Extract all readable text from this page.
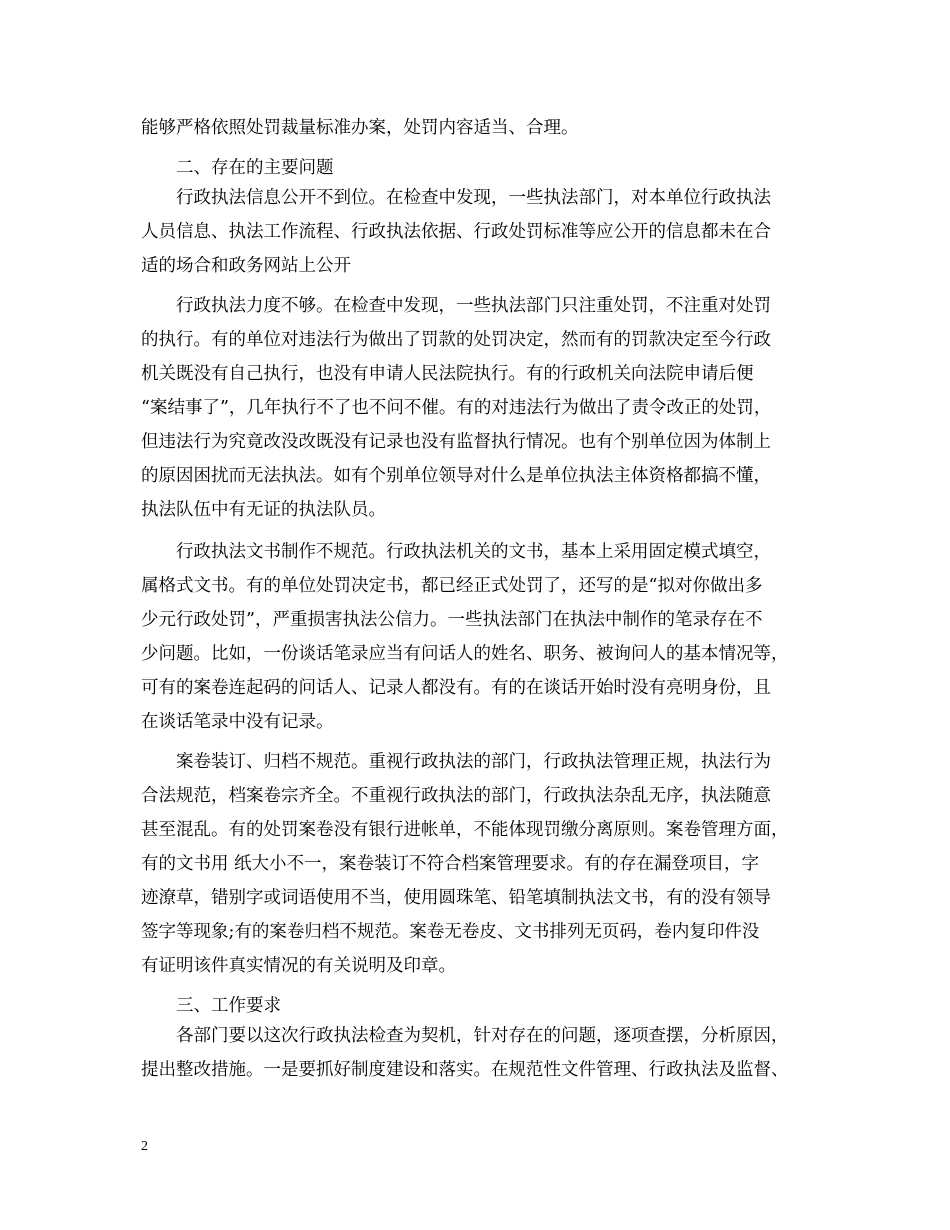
能够严格依照处罚裁量标准办案，处罚内容适当、合理。
二、存在的主要问题
行政执法信息公开不到位。在检查中发现，一些执法部门，对本单位行政执法
人员信息、执法工作流程、行政执法依据、行政处罚标准等应公开的信息都未在合
适的场合和政务网站上公开
行政执法力度不够。在检查中发现，一些执法部门只注重处罚，不注重对处罚
的执行。有的单位对违法行为做出了罚款的处罚决定，然而有的罚款决定至今行政
机关既没有自己执行，也没有申请人民法院执行。有的行政机关向法院申请后便
“案结事了”，几年执行不了也不问不催。有的对违法行为做出了责令改正的处罚，
但违法行为究竟改没改既没有记录也没有监督执行情况。也有个别单位因为体制上
的原因困扰而无法执法。如有个别单位领导对什么是单位执法主体资格都搞不懂，
执法队伍中有无证的执法队员。
行政执法文书制作不规范。行政执法机关的文书，基本上采用固定模式填空，
属格式文书。有的单位处罚决定书，都已经正式处罚了，还写的是“拟对你做出多
少元行政处罚”，严重损害执法公信力。一些执法部门在执法中制作的笔录存在不
少问题。比如，一份谈话笔录应当有问话人的姓名、职务、被询问人的基本情况等，
可有的案卷连起码的问话人、记录人都没有。有的在谈话开始时没有亮明身份，且
在谈话笔录中没有记录。
案卷装订、归档不规范。重视行政执法的部门，行政执法管理正规，执法行为
合法规范，档案卷宗齐全。不重视行政执法的部门，行政执法杂乱无序，执法随意
甚至混乱。有的处罚案卷没有银行进帐单，不能体现罚缴分离原则。案卷管理方面，
有的文书用 纸大小不一，案卷装订不符合档案管理要求。有的存在漏登项目，字
迹潦草，错别字或词语使用不当，使用圆珠笔、铅笔填制执法文书，有的没有领导
签字等现象;有的案卷归档不规范。案卷无卷皮、文书排列无页码，卷内复印件没
有证明该件真实情况的有关说明及印章。
三、工作要求
各部门要以这次行政执法检查为契机，针对存在的问题，逐项查摆，分析原因，
提出整改措施。一是要抓好制度建设和落实。在规范性文件管理、行政执法及监督、
2
